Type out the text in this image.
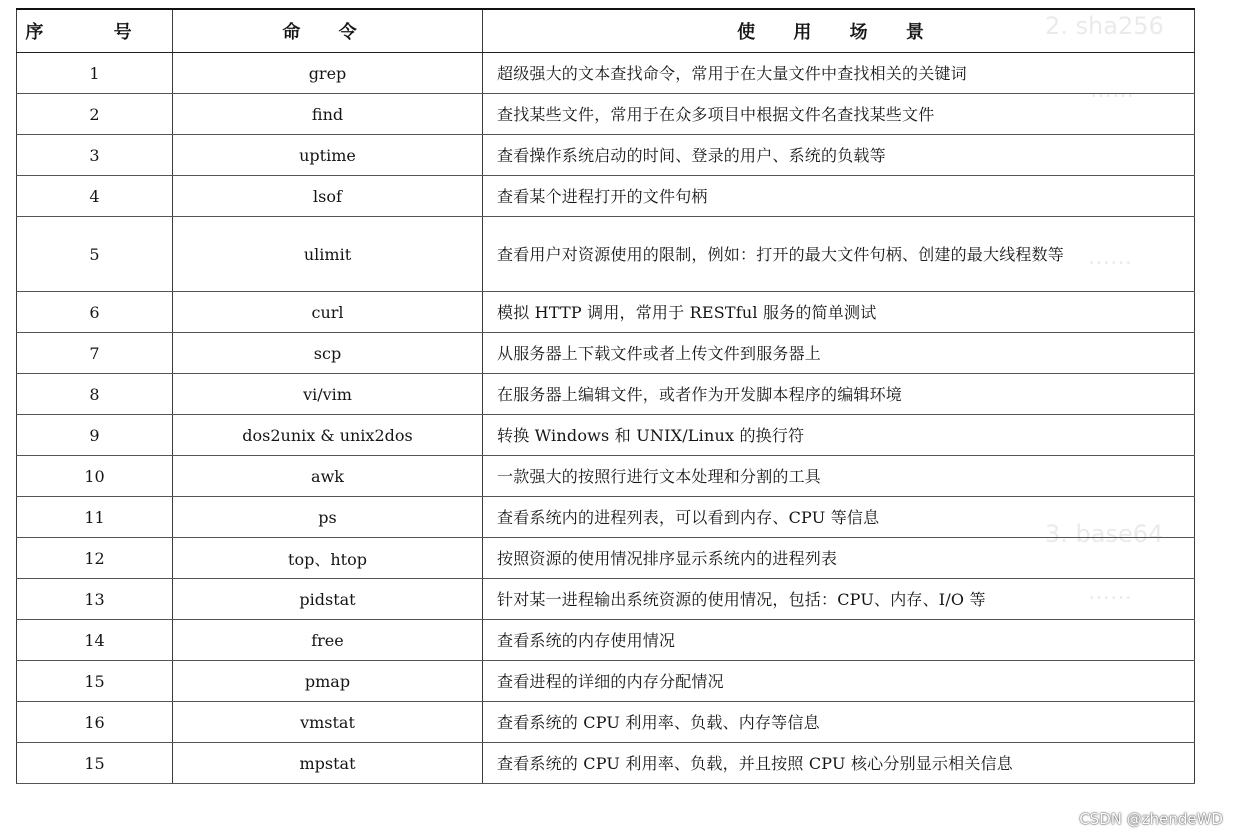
2. sha256
……
……
3. base64
……
序 号	命 令	使 用 场 景
1	grep	超级强大的文本查找命令，常用于在大量文件中查找相关的关键词
2	find	查找某些文件，常用于在众多项目中根据文件名查找某些文件
3	uptime	查看操作系统启动的时间、登录的用户、系统的负载等
4	lsof	查看某个进程打开的文件句柄
5	ulimit	查看用户对资源使用的限制，例如：打开的最大文件句柄、创建的最大线程数等
6	curl	模拟 HTTP 调用，常用于 RESTful 服务的简单测试
7	scp	从服务器上下载文件或者上传文件到服务器上
8	vi/vim	在服务器上编辑文件，或者作为开发脚本程序的编辑环境
9	dos2unix & unix2dos	转换 Windows 和 UNIX/Linux 的换行符
10	awk	一款强大的按照行进行文本处理和分割的工具
11	ps	查看系统内的进程列表，可以看到内存、CPU 等信息
12	top、htop	按照资源的使用情况排序显示系统内的进程列表
13	pidstat	针对某一进程输出系统资源的使用情况，包括：CPU、内存、I/O 等
14	free	查看系统的内存使用情况
15	pmap	查看进程的详细的内存分配情况
16	vmstat	查看系统的 CPU 利用率、负载、内存等信息
15	mpstat	查看系统的 CPU 利用率、负载，并且按照 CPU 核心分别显示相关信息
CSDN @zhendeWD
